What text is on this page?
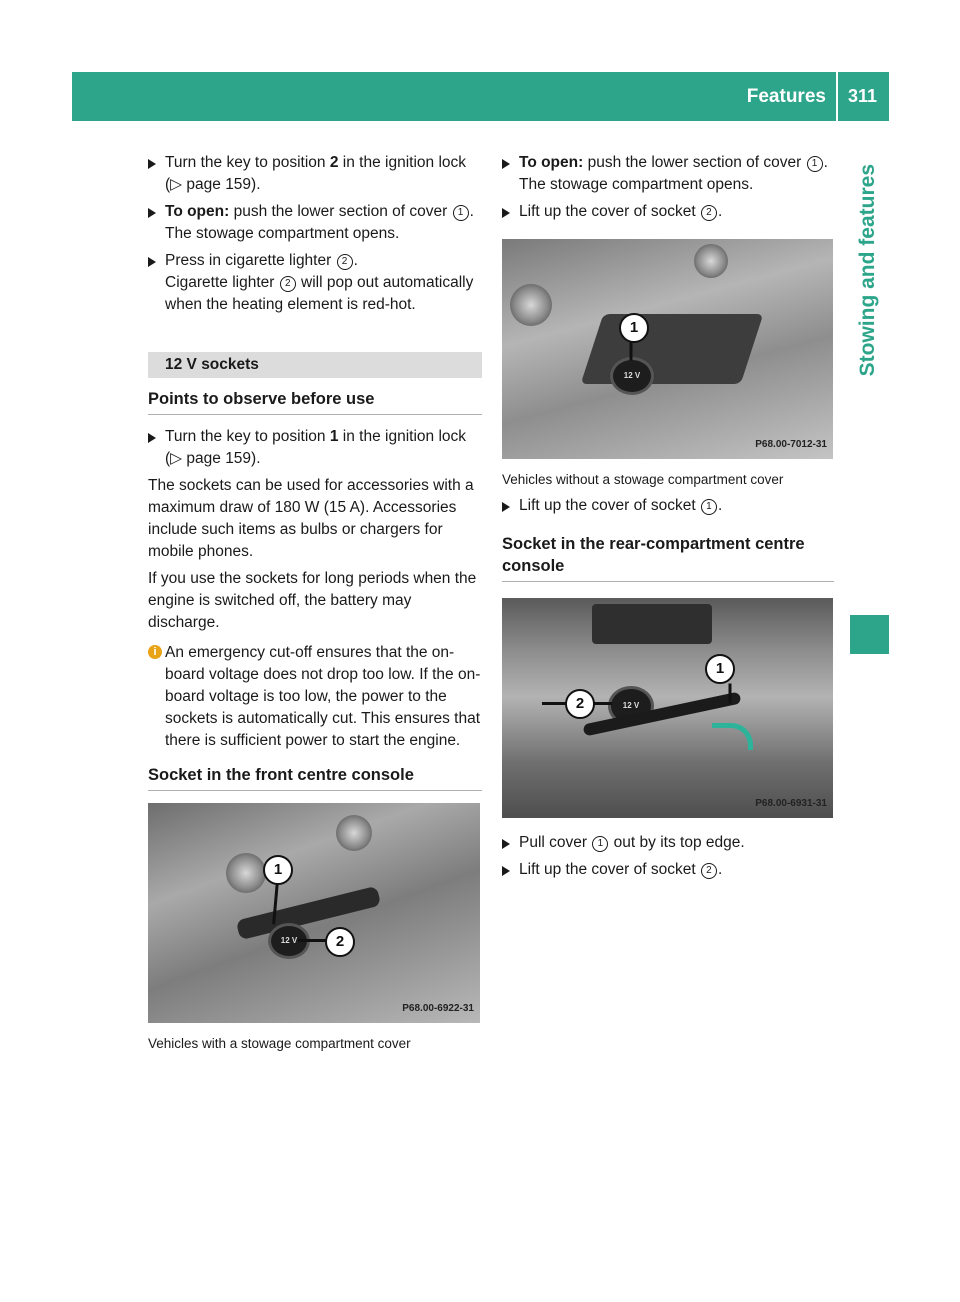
Features	311
Stowing and features

Turn the key to position 2 in the ignition lock (▷ page 159).

To open: push the lower section of cover 1 .
The stowage compartment opens.

Press in cigarette lighter 2 .
Cigarette lighter 2 will pop out automatically when the heating element is red-hot.

12 V sockets
Points to observe before use

Turn the key to position 1 in the ignition lock (▷ page 159).

The sockets can be used for accessories with a maximum draw of 180 W (15 A). Accessories include such items as bulbs or chargers for mobile phones.

If you use the sockets for long periods when the engine is switched off, the battery may discharge.

i An emergency cut-off ensures that the on-board voltage does not drop too low. If the on-board voltage is too low, the power to the sockets is automatically cut. This ensures that there is sufficient power to start the engine.
Socket in the front centre console
12 V
1
2
P68.00-6922-31
Vehicles with a stowage compartment cover

To open: push the lower section of cover 1 .
The stowage compartment opens.

Lift up the cover of socket 2 .

12 V
1
P68.00-7012-31
Vehicles without a stowage compartment cover

Lift up the cover of socket 1 .

Socket in the rear-compartment centre console
12 V
1
2
P68.00-6931-31

Pull cover 1 out by its top edge.

Lift up the cover of socket 2 .
